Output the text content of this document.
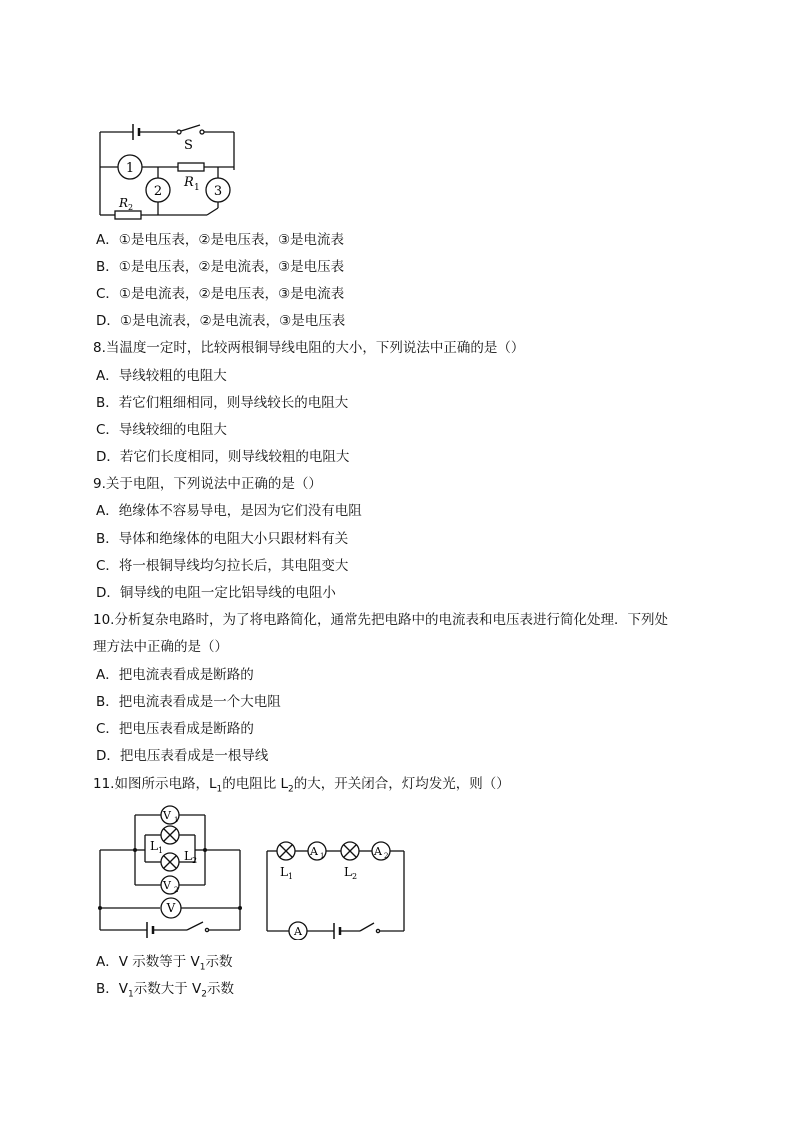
1
2	3
S
R 1
R 2
A．①是电压表，②是电压表，③是电流表
B．①是电压表，②是电流表，③是电压表
C．①是电流表，②是电压表，③是电流表
D．①是电流表，②是电流表，③是电压表
8.当温度一定时，比较两根铜导线电阻的大小，下列说法中正确的是（）
A．导线较粗的电阻大
B．若它们粗细相同，则导线较长的电阻大
C．导线较细的电阻大
D．若它们长度相同，则导线较粗的电阻大
9.关于电阻，下列说法中正确的是（）
A．绝缘体不容易导电，是因为它们没有电阻
B．导体和绝缘体的电阻大小只跟材料有关
C．将一根铜导线均匀拉长后，其电阻变大
D．铜导线的电阻一定比铝导线的电阻小
10.分析复杂电路时，为了将电路简化，通常先把电路中的电流表和电压表进行简化处理．下列处
理方法中正确的是（）
A．把电流表看成是断路的
B．把电流表看成是一个大电阻
C．把电压表看成是断路的
D．把电压表看成是一根导线
11.如图所示电路，$L_1$的电阻比 $L_2$的大，开关闭合，灯均发光，则（）
V 1
V 2
V
L 1 L 2
A 1	A 2
A
L 1	L 2
A．V 示数等于 $V_1$示数
B．$V_1$示数大于 $V_2$示数
